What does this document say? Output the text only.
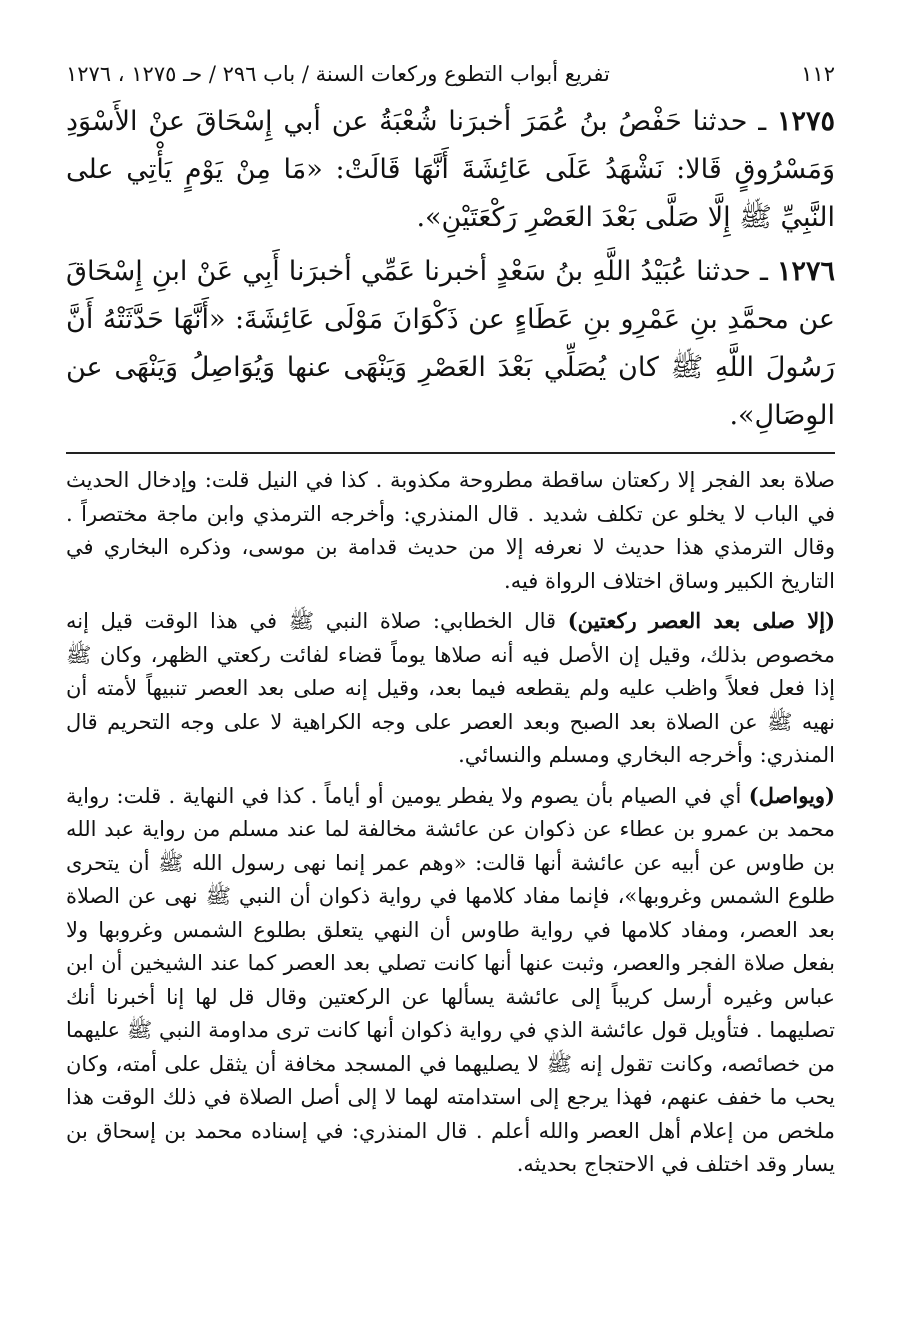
١١٢
تفريع أبواب التطوع وركعات السنة / باب ٢٩٦ / حـ ١٢٧٥ ، ١٢٧٦

١٢٧٥ ـ حدثنا حَفْصُ بنُ عُمَرَ أخبرَنا شُعْبَةُ عن أبي إِسْحَاقَ عنْ الأَسْوَدِ وَمَسْرُوقٍ قَالا: نَشْهَدُ عَلَى عَائِشَةَ أَنَّهَا قَالَتْ: «مَا مِنْ يَوْمٍ يَأْتِي على النَّبِيِّ ﷺ إِلَّا صَلَّى بَعْدَ العَصْرِ رَكْعَتَيْنِ».

١٢٧٦ ـ حدثنا عُبَيْدُ اللَّهِ بنُ سَعْدٍ أخبرنا عَمِّي أخبرَنا أَبِي عَنْ ابنِ إِسْحَاقَ عن محمَّدِ بنِ عَمْرِو بنِ عَطَاءٍ عن ذَكْوَانَ مَوْلَى عَائِشَةَ: «أَنَّهَا حَدَّثَتْهُ أَنَّ رَسُولَ اللَّهِ ﷺ كان يُصَلِّي بَعْدَ العَصْرِ وَيَنْهَى عنها وَيُوَاصِلُ وَيَنْهَى عن الوِصَالِ».

صلاة بعد الفجر إلا ركعتان ساقطة مطروحة مكذوبة . كذا في النيل قلت: وإدخال الحديث في الباب لا يخلو عن تكلف شديد . قال المنذري: وأخرجه الترمذي وابن ماجة مختصراً . وقال الترمذي هذا حديث لا نعرفه إلا من حديث قدامة بن موسى، وذكره البخاري في التاريخ الكبير وساق اختلاف الرواة فيه.

(إلا صلى بعد العصر ركعتين) قال الخطابي: صلاة النبي ﷺ في هذا الوقت قيل إنه مخصوص بذلك، وقيل إن الأصل فيه أنه صلاها يوماً قضاء لفائت ركعتي الظهر، وكان ﷺ إذا فعل فعلاً واظب عليه ولم يقطعه فيما بعد، وقيل إنه صلى بعد العصر تنبيهاً لأمته أن نهيه ﷺ عن الصلاة بعد الصبح وبعد العصر على وجه الكراهية لا على وجه التحريم قال المنذري: وأخرجه البخاري ومسلم والنسائي.

(ويواصل) أي في الصيام بأن يصوم ولا يفطر يومين أو أياماً . كذا في النهاية . قلت: رواية محمد بن عمرو بن عطاء عن ذكوان عن عائشة مخالفة لما عند مسلم من رواية عبد الله بن طاوس عن أبيه عن عائشة أنها قالت: «وهم عمر إنما نهى رسول الله ﷺ أن يتحرى طلوع الشمس وغروبها»، فإنما مفاد كلامها في رواية ذكوان أن النبي ﷺ نهى عن الصلاة بعد العصر، ومفاد كلامها في رواية طاوس أن النهي يتعلق بطلوع الشمس وغروبها ولا بفعل صلاة الفجر والعصر، وثبت عنها أنها كانت تصلي بعد العصر كما عند الشيخين أن ابن عباس وغيره أرسل كريباً إلى عائشة يسألها عن الركعتين وقال قل لها إنا أخبرنا أنك تصليهما . فتأويل قول عائشة الذي في رواية ذكوان أنها كانت ترى مداومة النبي ﷺ عليهما من خصائصه، وكانت تقول إنه ﷺ لا يصليهما في المسجد مخافة أن يثقل على أمته، وكان يحب ما خفف عنهم، فهذا يرجع إلى استدامته لهما لا إلى أصل الصلاة في ذلك الوقت هذا ملخص من إعلام أهل العصر والله أعلم . قال المنذري: في إسناده محمد بن إسحاق بن يسار وقد اختلف في الاحتجاج بحديثه.
